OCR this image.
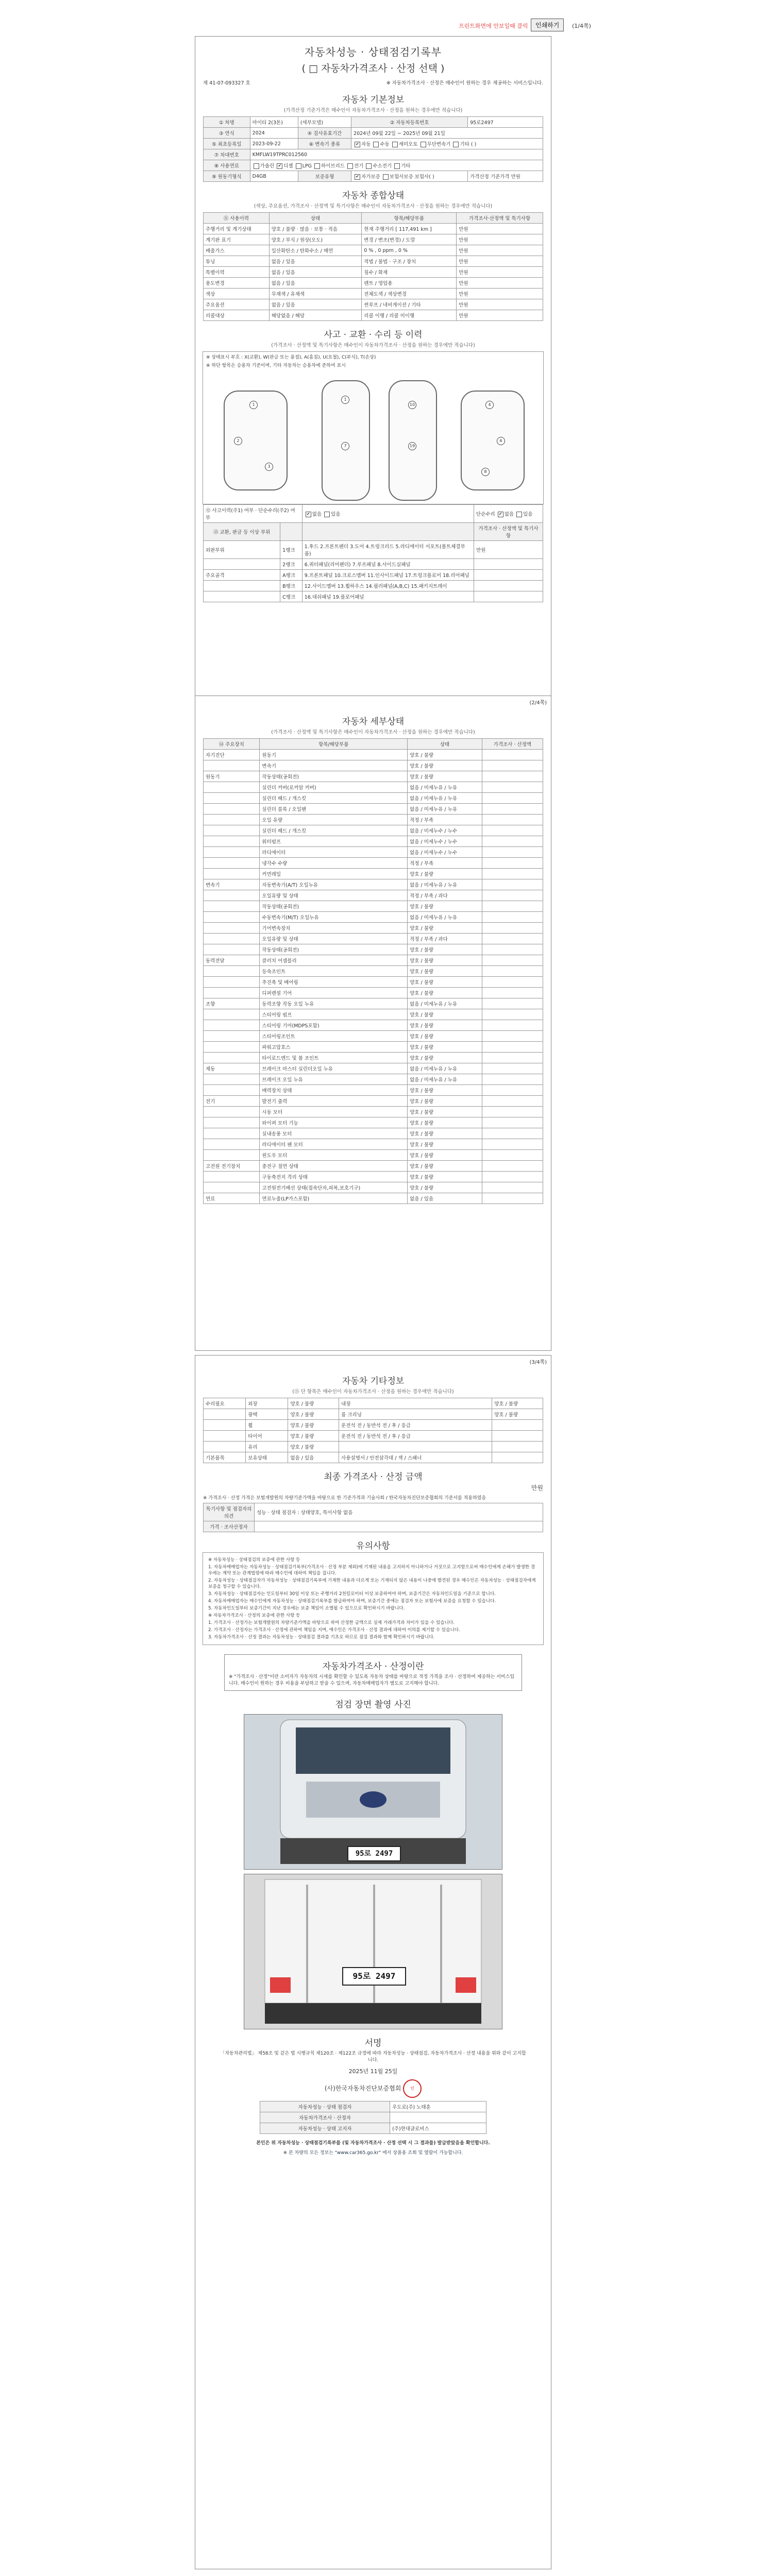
프린트화면에 안보일때 클릭	인쇄하기	(1/4쪽)
자동차성능 · 상태점검기록부
( □ 자동차가격조사 · 산정 선택 )
제 41-07-093327 호	※ 자동차가격조사 · 산정은 매수인이 원하는 경우 제공하는 서비스입니다.
자동차 기본정보
(가격산정 기준가격은 매수인이 자동차가격조사 · 산정을 원하는 경우에만 적습니다)
① 차명	마이티 2(3톤)	(세부모델)	② 자동차등록번호	95로2497
③ 연식	2024	④ 검사유효기간	2024년 09월 22일 ~ 2025년 09월 21일	
⑤ 최초등록일	2023-09-22	⑥ 변속기 종류	✔자동 수동 세미오토 무단변속기 기타 ( )
⑦ 차대번호	KMFLW19TPRC012560			
⑧ 사용연료	가솔린 ✔ 디젤 LPG 하이브리드 전기 수소전기 기타
⑨ 원동기형식	D4GB	보증유형	✔자가보증 보험사보증 보험사( )	가격산정 기준가격 만원
자동차 종합상태
(색상, 주요옵션, 가격조사 · 산정액 및 특기사항은 매수인이 자동차가격조사 · 산정을 원하는 경우에만 적습니다)
⑪ 사용이력	상태	항목/해당부품	가격조사·산정액 및 특기사항
주행거리 및 계기상태	양호 / 불량 · 많음 · 보통 · 적음	현재 주행거리 [ 117,491 km ]	만원
계기판 표기	양호 / 부식 / 원상(오도)	변경 / 변조(변경) / 도말	만원
배출가스	일산화탄소 / 탄화수소 / 매연	0 % , 0 ppm , 0 %	만원
튜닝	없음 / 있음	적법 / 불법 · 구조 / 장치	만원
특별이력	없음 / 있음	침수 / 화재	만원
용도변경	없음 / 있음	렌트 / 영업용	만원
색상	무채색 / 유채색	전체도색 / 색상변경	만원
주요옵션	없음 / 있음	썬루프 / 네비게이션 / 기타	만원
리콜대상	해당없음 / 해당	리콜 이행 / 리콜 미이행	만원
사고 · 교환 · 수리 등 이력
(가격조사 · 산정액 및 특기사항은 매수인이 자동차가격조사 · 산정을 원하는 경우에만 적습니다)
※ 상태표시 부호 : X(교환), W(판금 또는 용접), A(흠집), U(요철), C(부식), T(손상)
※ 하단 항목은 승용차 기준이며, 기타 자동차는 승용차에 준하여 표시
1
2
3
1
7
10
19
4
6
8
⑫ 사고이력(주1) 여부 · 단순수리(주2) 여부	✔없음 있음	단순수리 ✔ 없음 있음
⑬ 교환, 판금 등 이상 부위			가격조사 · 산정액 및 특기사항
외판부위	1랭크	1.후드 2.프론트펜더 3.도어 4.트렁크리드 5.라디에이터 서포트(볼트체결부품)	만원
	2랭크	6.쿼터패널(리어펜더) 7.루프패널 8.사이드실패널	
주요골격	A랭크	9.프론트패널 10.크로스멤버 11.인사이드패널 17.트렁크플로어 18.리어패널	
	B랭크	12.사이드멤버 13.휠하우스 14.필러패널(A,B,C) 15.패키지트레이	
	C랭크	16.대쉬패널 19.플로어패널	
(2/4쪽)
자동차 세부상태
(가격조사 · 산정액 및 특기사항은 매수인이 자동차가격조사 · 산정을 원하는 경우에만 적습니다)
⑭ 주요장치	항목/해당부품	상태	가격조사 · 산정액
자기진단	원동기	양호 / 불량	
	변속기	양호 / 불량	
원동기	작동상태(공회전)	양호 / 불량	
	실린더 커버(로커암 커버)	없음 / 미세누유 / 누유	
	실린더 헤드 / 개스킷	없음 / 미세누유 / 누유	
	실린더 블록 / 오일팬	없음 / 미세누유 / 누유	
	오일 유량	적정 / 부족	
	실린더 헤드 / 개스킷	없음 / 미세누수 / 누수	
	워터펌프	없음 / 미세누수 / 누수	
	라디에이터	없음 / 미세누수 / 누수	
	냉각수 수량	적정 / 부족	
	커먼레일	양호 / 불량	
변속기	자동변속기(A/T) 오일누유	없음 / 미세누유 / 누유	
	오일유량 및 상태	적정 / 부족 / 과다	
	작동상태(공회전)	양호 / 불량	
	수동변속기(M/T) 오일누유	없음 / 미세누유 / 누유	
	기어변속장치	양호 / 불량	
	오일유량 및 상태	적정 / 부족 / 과다	
	작동상태(공회전)	양호 / 불량	
동력전달	클러치 어셈블리	양호 / 불량	
	등속조인트	양호 / 불량	
	추진축 및 베어링	양호 / 불량	
	디퍼렌셜 기어	양호 / 불량	
조향	동력조향 작동 오일 누유	없음 / 미세누유 / 누유	
	스티어링 펌프	양호 / 불량	
	스티어링 기어(MDPS포함)	양호 / 불량	
	스티어링조인트	양호 / 불량	
	파워고압호스	양호 / 불량	
	타이로드엔드 및 볼 조인트	양호 / 불량	
제동	브레이크 마스터 실린더오일 누유	없음 / 미세누유 / 누유	
	브레이크 오일 누유	없음 / 미세누유 / 누유	
	배력장치 상태	양호 / 불량	
전기	발전기 출력	양호 / 불량	
	시동 모터	양호 / 불량	
	와이퍼 모터 기능	양호 / 불량	
	실내송풍 모터	양호 / 불량	
	라디에이터 팬 모터	양호 / 불량	
	윈도우 모터	양호 / 불량	
고전원 전기장치	충전구 절연 상태	양호 / 불량	
	구동축전지 격리 상태	양호 / 불량	
	고전원전기배선 상태(접속단자,피복,보호기구)	양호 / 불량	
연료	연료누출(LP가스포함)	없음 / 있음	
(3/4쪽)
자동차 기타정보
(⑮ 단 항목은 매수인이 자동차가격조사 · 산정을 원하는 경우에만 적습니다)
수리필요	외장	양호 / 불량	내장	양호 / 불량
	광택	양호 / 불량	룸 크리닝	양호 / 불량
	휠	양호 / 불량	운전석 전 / 동반석 전 / 후 / 응급	
	타이어	양호 / 불량	운전석 전 / 동반석 전 / 후 / 응급	
	유리	양호 / 불량		
기본품목	보유상태	없음 / 있음	사용설명서 / 안전삼각대 / 잭 / 스패너	
최종 가격조사 · 산정 금액
만원
※ 가격조사 · 산정 가격은 보험개발원의 차량기준가액을 바탕으로 한 기준가격과 기술사회 / 한국자동차진단보증협회의 기준서를 적용하였음
특기사항 및 점검자의 의견	성능 · 상태 점검자 : 상태양호, 특이사항 없음
가격 · 조사산정자	
유의사항

※ 자동차성능 · 상태점검의 보증에 관한 사항 등

1. 자동차매매업자는 자동차성능 · 상태점검기록부(가격조사 · 산정 부분 제외)에 기재된 내용을 고지하지 아니하거나 거짓으로 고지함으로써 매수인에게 손해가 발생한 경우에는 계약 또는 관계법령에 따라 매수인에 대하여 책임을 집니다.

2. 자동차성능 · 상태점검자가 자동차성능 · 상태점검기록부에 기재한 내용과 다르게 또는 기재되지 않은 내용이 나중에 발견된 경우 매수인은 자동차성능 · 상태점검자에게 보증을 청구할 수 있습니다.

3. 자동차성능 · 상태점검자는 인도일부터 30일 이상 또는 주행거리 2천킬로미터 이상 보증하여야 하며, 보증기간은 자동차인도일을 기준으로 합니다.

4. 자동차매매업자는 매수인에게 자동차성능 · 상태점검기록부를 발급하여야 하며, 보증기간 중에는 점검자 또는 보험사에 보증을 요청할 수 있습니다.

5. 자동차인도일부터 보증기간이 지난 경우에는 보증 책임이 소멸될 수 있으므로 확인하시기 바랍니다.

※ 자동차가격조사 · 산정의 보증에 관한 사항 등

1. 가격조사 · 산정가는 보험개발원의 차량기준가액을 바탕으로 하여 산정한 금액으로 실제 거래가격과 차이가 있을 수 있습니다.

2. 가격조사 · 산정자는 가격조사 · 산정에 관하여 책임을 지며, 매수인은 가격조사 · 산정 결과에 대하여 이의를 제기할 수 있습니다.

3. 자동차가격조사 · 산정 결과는 자동차성능 · 상태점검 결과를 기초로 하므로 점검 결과와 함께 확인하시기 바랍니다.

자동차가격조사 · 산정이란
※ "가격조사 · 산정"이란 소비자가 자동차의 시세를 확인할 수 있도록 자동차 상태를 바탕으로 적정 가격을 조사 · 산정하여 제공하는 서비스입니다. 매수인이 원하는 경우 비용을 부담하고 받을 수 있으며, 자동차매매업자가 별도로 고지해야 합니다.
점검 장면 촬영 사진
95로 2497
95로 2497
서명
「자동차관리법」 제58조 및 같은 법 시행규칙 제120조 · 제122조 규정에 따라 자동차성능 · 상태점검, 자동차가격조사 · 산정 내용을 위와 같이 고지합니다.
2025년 11월 25일
(사)한국자동차진단보증협회 인
자동차성능 · 상태 점검자	우도로(주) 노태훈
자동차가격조사 · 산정자	
자동차성능 · 상태 고지자	(주)현대글로비스
본인은 위 자동차성능 · 상태점검기록부를 (및 자동차가격조사 · 산정 선택 시 그 결과를) 발급받았음을 확인합니다.
※ 본 차량의 모든 정보는 "www.car365.go.kr" 에서 상품용 조회 및 열람이 가능합니다.
